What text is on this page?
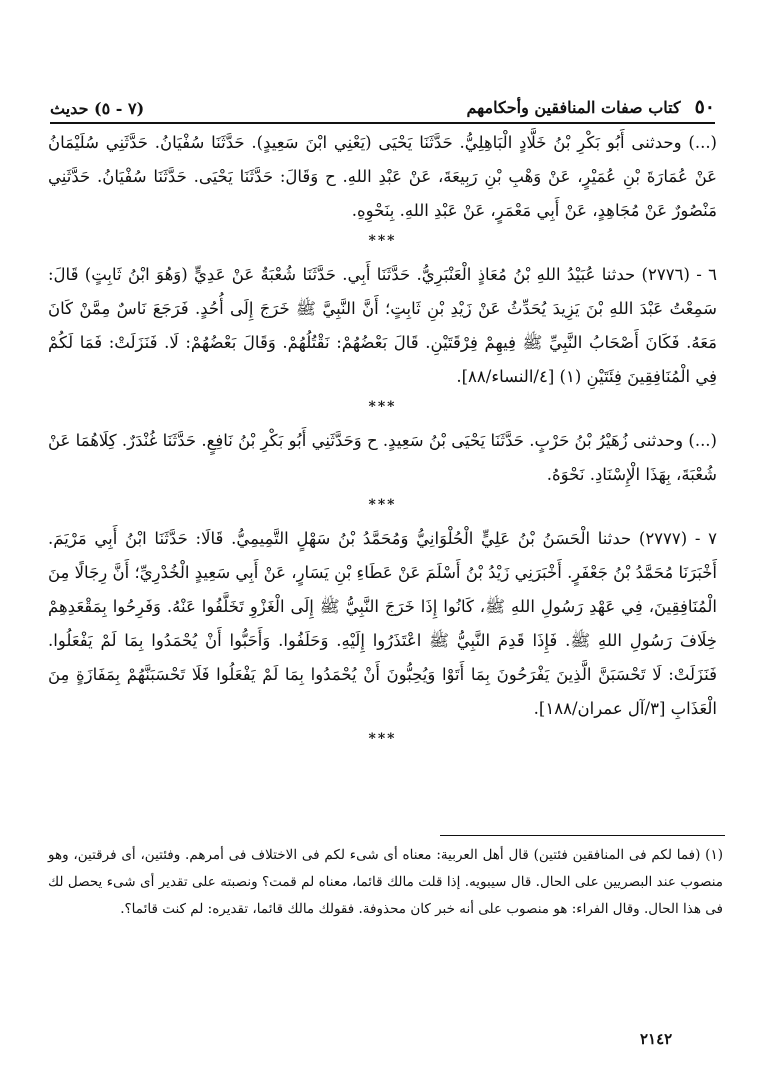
٥٠
كتاب صفات المنافقين وأحكامهم
(٧ - ٥) حديث

(...) وحدثنى أَبُو بَكْرِ بْنُ خَلَّادٍ الْبَاهِلِيُّ. حَدَّثَنَا يَحْيَى (يَعْنِي ابْنَ سَعِيدٍ). حَدَّثَنَا سُفْيَانُ. حَدَّثَنِي سُلَيْمَانُ عَنْ عُمَارَةَ بْنِ عُمَيْرٍ، عَنْ وَهْبِ بْنِ رَبِيعَةَ، عَنْ عَبْدِ اللهِ. ح وَقَالَ: حَدَّثَنَا يَحْيَى. حَدَّثَنَا سُفْيَانُ. حَدَّثَنِي مَنْصُورٌ عَنْ مُجَاهِدٍ، عَنْ أَبِي مَعْمَرٍ، عَنْ عَبْدِ اللهِ. بِنَحْوِهِ.

***

٦ - (٢٧٧٦) حدثنا عُبَيْدُ اللهِ بْنُ مُعَاذٍ الْعَنْبَرِيُّ. حَدَّثَنَا أَبِي. حَدَّثَنَا شُعْبَةُ عَنْ عَدِيٍّ (وَهُوَ ابْنُ ثَابِتٍ) قَالَ: سَمِعْتُ عَبْدَ اللهِ بْنَ يَزِيدَ يُحَدِّثُ عَنْ زَيْدِ بْنِ ثَابِتٍ؛ أَنَّ النَّبِيَّ ﷺ خَرَجَ إِلَى أُحُدٍ. فَرَجَعَ نَاسٌ مِمَّنْ كَانَ مَعَهُ. فَكَانَ أَصْحَابُ النَّبِيِّ ﷺ فِيهِمْ فِرْقَتَيْنِ. قَالَ بَعْضُهُمْ: نَقْتُلُهُمْ. وَقَالَ بَعْضُهُمْ: لَا. فَنَزَلَتْ: فَمَا لَكُمْ فِي الْمُنَافِقِينَ فِئَتَيْنِ (١) [٤/النساء/٨٨].

***

(...) وحدثنى زُهَيْرُ بْنُ حَرْبٍ. حَدَّثَنَا يَحْيَى بْنُ سَعِيدٍ. ح وَحَدَّثَنِي أَبُو بَكْرِ بْنُ نَافِعٍ. حَدَّثَنَا غُنْدَرٌ. كِلَاهُمَا عَنْ شُعْبَةَ، بِهَذَا الْإِسْنَادِ. نَحْوَهُ.

***

٧ - (٢٧٧٧) حدثنا الْحَسَنُ بْنُ عَلِيٍّ الْحُلْوَانِيُّ وَمُحَمَّدُ بْنُ سَهْلٍ التَّمِيمِيُّ. قَالَا: حَدَّثَنَا ابْنُ أَبِي مَرْيَمَ. أَخْبَرَنَا مُحَمَّدُ بْنُ جَعْفَرٍ. أَخْبَرَنِي زَيْدُ بْنُ أَسْلَمَ عَنْ عَطَاءِ بْنِ يَسَارٍ، عَنْ أَبِي سَعِيدٍ الْخُدْرِيِّ؛ أَنَّ رِجَالًا مِنَ الْمُنَافِقِينَ، فِي عَهْدِ رَسُولِ اللهِ ﷺ، كَانُوا إِذَا خَرَجَ النَّبِيُّ ﷺ إِلَى الْغَزْوِ تَخَلَّفُوا عَنْهُ. وَفَرِحُوا بِمَقْعَدِهِمْ خِلَافَ رَسُولِ اللهِ ﷺ. فَإِذَا قَدِمَ النَّبِيُّ ﷺ اعْتَذَرُوا إِلَيْهِ. وَحَلَفُوا. وَأَحَبُّوا أَنْ يُحْمَدُوا بِمَا لَمْ يَفْعَلُوا. فَنَزَلَتْ: لَا تَحْسَبَنَّ الَّذِينَ يَفْرَحُونَ بِمَا أَتَوْا وَيُحِبُّونَ أَنْ يُحْمَدُوا بِمَا لَمْ يَفْعَلُوا فَلَا تَحْسَبَنَّهُمْ بِمَفَازَةٍ مِنَ الْعَذَابِ [٣/آل عمران/١٨٨].

***

(١) (فما لكم فى المنافقين فئتين) قال أهل العربية: معناه أى شىء لكم فى الاختلاف فى أمرهم. وفئتين، أى فرقتين، وهو منصوب عند البصريين على الحال. قال سيبويه. إذا قلت مالك قائما، معناه لم قمت؟ ونصبته على تقدير أى شىء يحصل لك فى هذا الحال. وقال الفراء: هو منصوب على أنه خبر كان محذوفة. فقولك مالك قائما، تقديره: لم كنت قائما؟.

٢١٤٢
